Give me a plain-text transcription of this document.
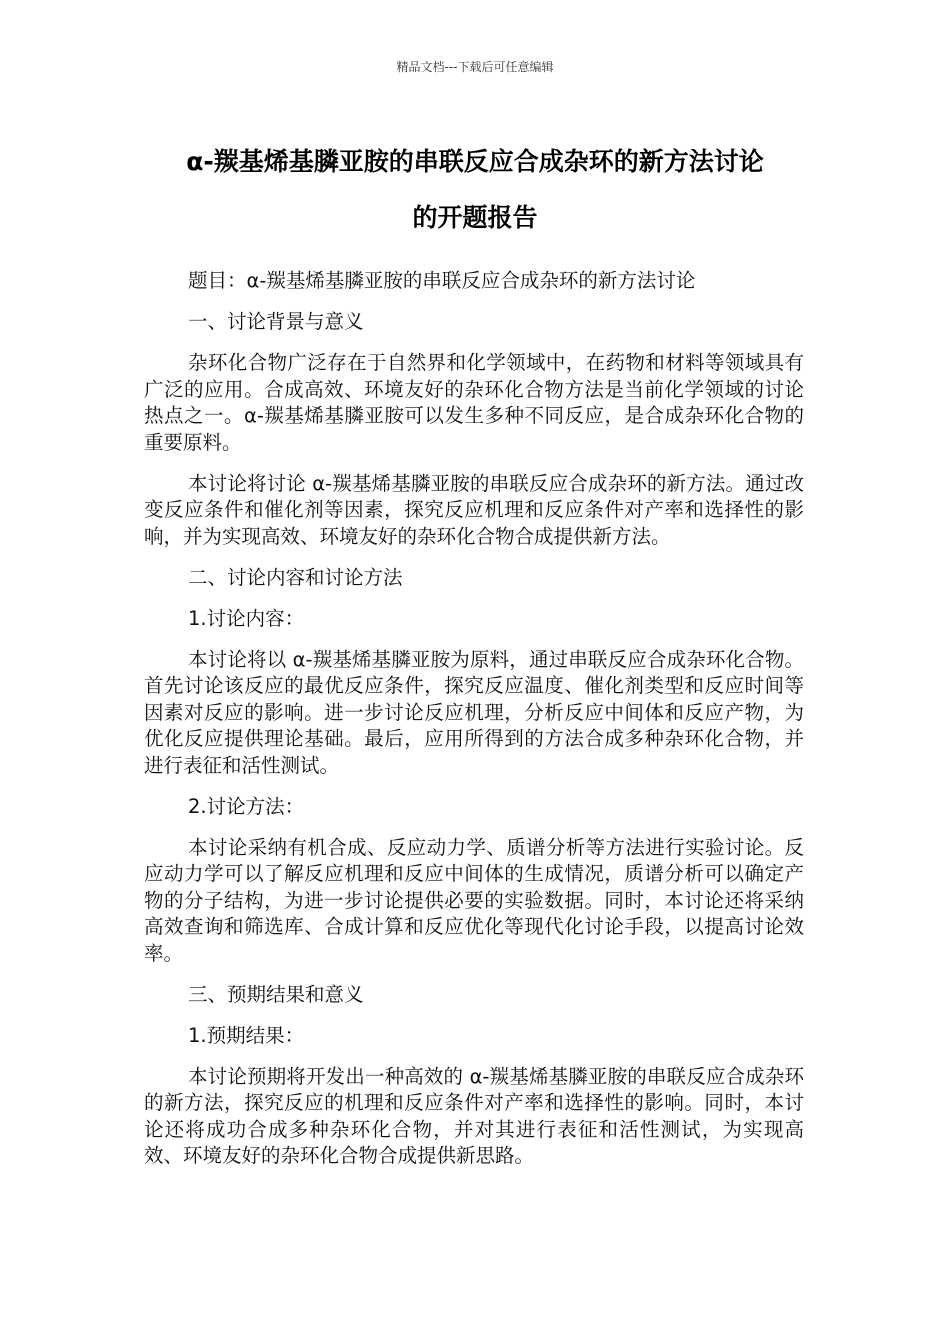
精品文档---下载后可任意编辑
α-羰基烯基膦亚胺的串联反应合成杂环的新方法讨论
的开题报告

题目：α-羰基烯基膦亚胺的串联反应合成杂环的新方法讨论

一、讨论背景与意义

杂环化合物广泛存在于自然界和化学领域中，在药物和材料等领域具有广泛的应用。合成高效、环境友好的杂环化合物方法是当前化学领域的讨论热点之一。α-羰基烯基膦亚胺可以发生多种不同反应，是合成杂环化合物的重要原料。

本讨论将讨论 α-羰基烯基膦亚胺的串联反应合成杂环的新方法。通过改变反应条件和催化剂等因素，探究反应机理和反应条件对产率和选择性的影响，并为实现高效、环境友好的杂环化合物合成提供新方法。

二、讨论内容和讨论方法

1.讨论内容：

本讨论将以 α-羰基烯基膦亚胺为原料，通过串联反应合成杂环化合物。首先讨论该反应的最优反应条件，探究反应温度、催化剂类型和反应时间等因素对反应的影响。进一步讨论反应机理，分析反应中间体和反应产物，为优化反应提供理论基础。最后，应用所得到的方法合成多种杂环化合物，并进行表征和活性测试。

2.讨论方法：

本讨论采纳有机合成、反应动力学、质谱分析等方法进行实验讨论。反应动力学可以了解反应机理和反应中间体的生成情况，质谱分析可以确定产物的分子结构，为进一步讨论提供必要的实验数据。同时，本讨论还将采纳高效查询和筛选库、合成计算和反应优化等现代化讨论手段，以提高讨论效率。

三、预期结果和意义

1.预期结果：

本讨论预期将开发出一种高效的 α-羰基烯基膦亚胺的串联反应合成杂环的新方法，探究反应的机理和反应条件对产率和选择性的影响。同时，本讨论还将成功合成多种杂环化合物，并对其进行表征和活性测试，为实现高效、环境友好的杂环化合物合成提供新思路。
